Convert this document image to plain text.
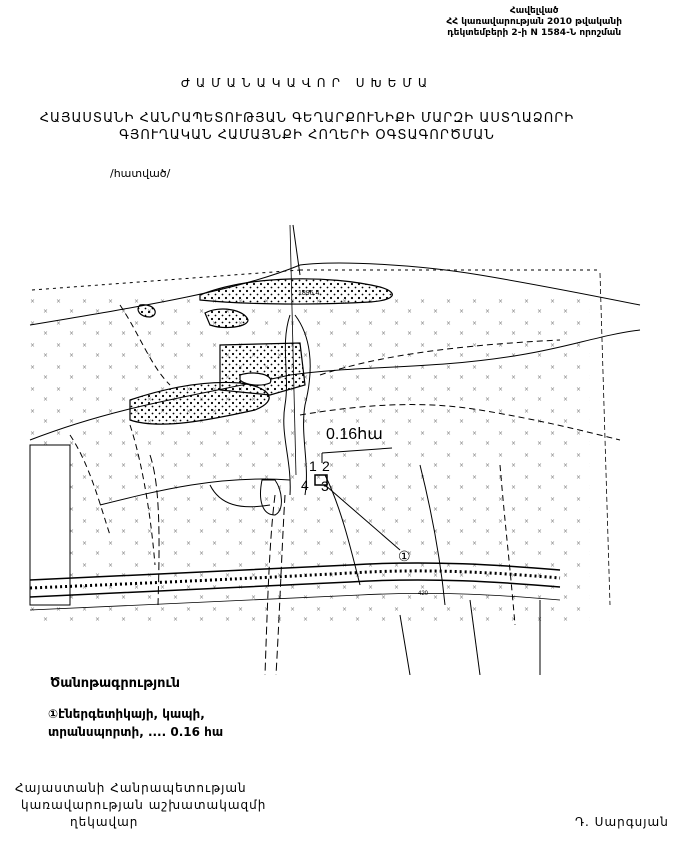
Հավելված
ՀՀ կառավարության 2010 թվականի
դեկտեմբերի 2-ի N 1584-Ն որոշման
ԺԱՄԱՆԱԿԱՎՈՐ ՍԽԵՄԱ
ՀԱՅԱՍՏԱՆԻ ՀԱՆՐԱՊԵՏՈՒԹՅԱՆ ԳԵՂԱՐՔՈՒՆԻՔԻ ՄԱՐԶԻ ԱՍՏՂԱՁՈՐԻ
ԳՅՈՒՂԱԿԱՆ ՀԱՄԱՅՆՔԻ ՀՈՂԵՐԻ ՕԳՏԱԳՈՐԾՄԱՆ
/հատված/
1896.4
420
0.16հա
1 2
3
4
①
Ծանոթագրություն
①էներգետիկայի, կապի,
տրանսպորտի, .... 0.16 հա
Հայաստանի Հանրապետության
կառավարության աշխատակազմի
ղեկավար	Դ. Սարգսյան
